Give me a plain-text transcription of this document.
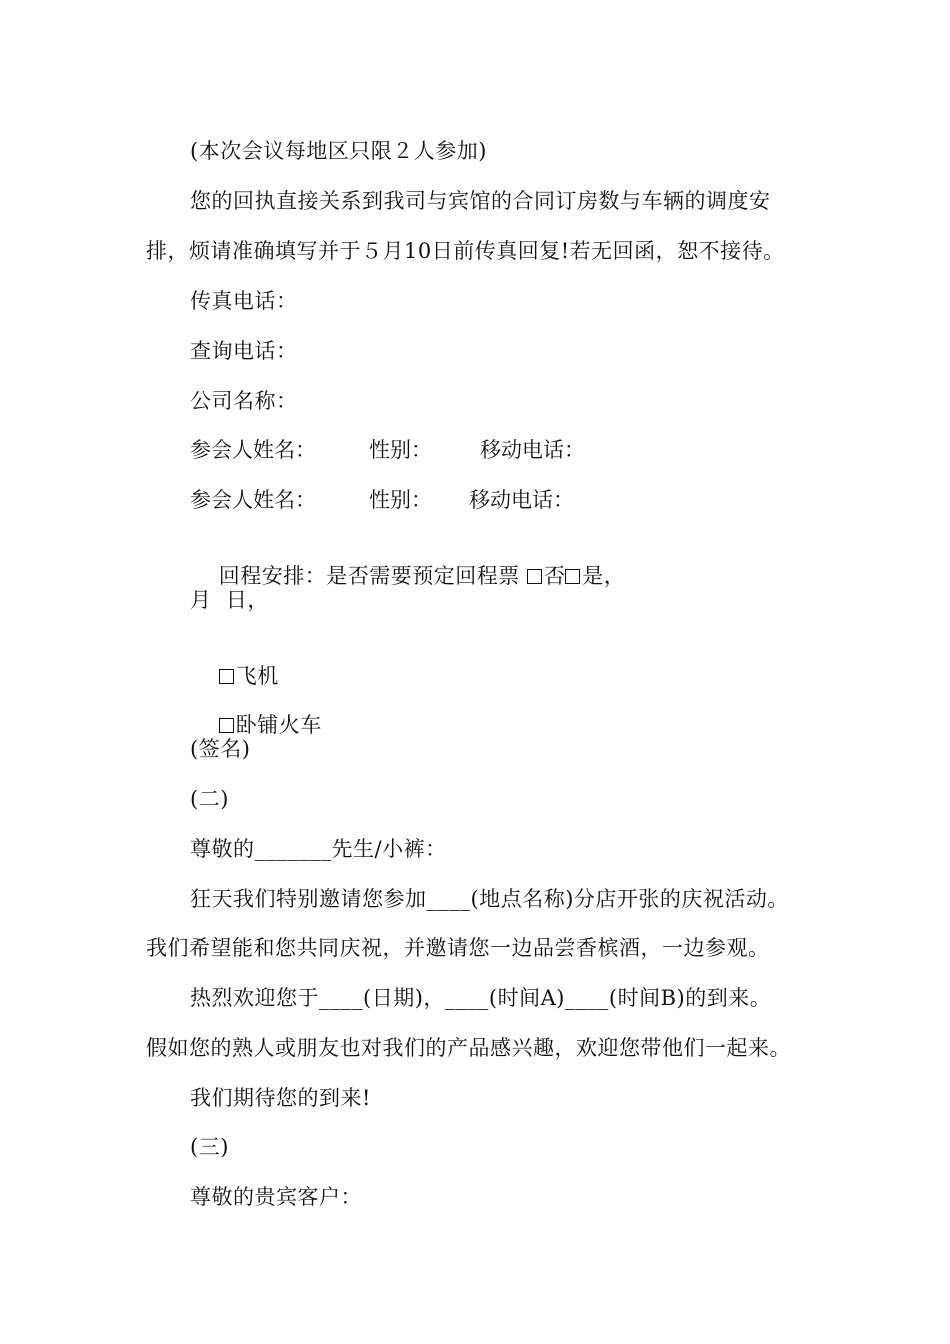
(本次会议每地区只限２人参加)
您的回执直接关系到我司与宾馆的合同订房数与车辆的调度安
排，烦请准确填写并于５月10日前传真回复!若无回函，恕不接待。
传真电话：
查询电话：
公司名称：
参会人姓名：	性别： 移动电话：
参会人姓名：	性别： 移动电话：

回程安排：是否需要预定回程票 否 是，

月  日，

飞机

卧铺火车

(签名)
(二)
尊敬的_______先生/小裤：
狂天我们特别邀请您参加____(地点名称)分店开张的庆祝活动。
我们希望能和您共同庆祝，并邀请您一边品尝香槟酒，一边参观。
热烈欢迎您于____(日期)，____(时间A)____(时间B)的到来。
假如您的熟人或朋友也对我们的产品感兴趣，欢迎您带他们一起来。
我们期待您的到来!
(三)
尊敬的贵宾客户：
